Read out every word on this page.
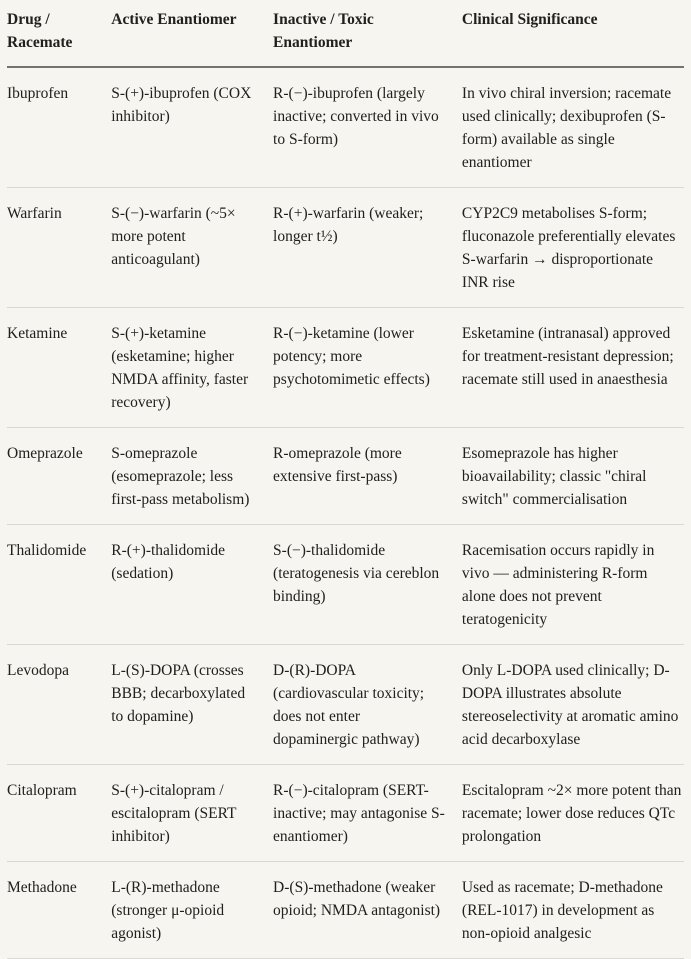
Drug / Racemate	Active Enantiomer	Inactive / Toxic Enantiomer	Clinical Significance
Ibuprofen	S-(+)-ibuprofen (COX inhibitor)	R-(−)-ibuprofen (largely inactive; converted in vivo to S-form)	In vivo chiral inversion; racemate used clinically; dexibuprofen (S-form) available as single enantiomer
Warfarin	S-(−)-warfarin (~5× more potent anticoagulant)	R-(+)-warfarin (weaker; longer t½)	CYP2C9 metabolises S-form; fluconazole preferentially elevates S-warfarin → disproportionate INR rise
Ketamine	S-(+)-ketamine (esketamine; higher NMDA affinity, faster recovery)	R-(−)-ketamine (lower potency; more psychotomimetic effects)	Esketamine (intranasal) approved for treatment-resistant depression; racemate still used in anaesthesia
Omeprazole	S-omeprazole (esomeprazole; less first-pass metabolism)	R-omeprazole (more extensive first-pass)	Esomeprazole has higher bioavailability; classic "chiral switch" commercialisation
Thalidomide	R-(+)-thalidomide (sedation)	S-(−)-thalidomide (teratogenesis via cereblon binding)	Racemisation occurs rapidly in vivo — administering R-form alone does not prevent teratogenicity
Levodopa	L-(S)-DOPA (crosses BBB; decarboxylated to dopamine)	D-(R)-DOPA (cardiovascular toxicity; does not enter dopaminergic pathway)	Only L-DOPA used clinically; D-DOPA illustrates absolute stereoselectivity at aromatic amino acid decarboxylase
Citalopram	S-(+)-citalopram / escitalopram (SERT inhibitor)	R-(−)-citalopram (SERT-inactive; may antagonise S-enantiomer)	Escitalopram ~2× more potent than racemate; lower dose reduces QTc prolongation
Methadone	L-(R)-methadone (stronger μ-opioid agonist)	D-(S)-methadone (weaker opioid; NMDA antagonist)	Used as racemate; D-methadone (REL-1017) in development as non-opioid analgesic
